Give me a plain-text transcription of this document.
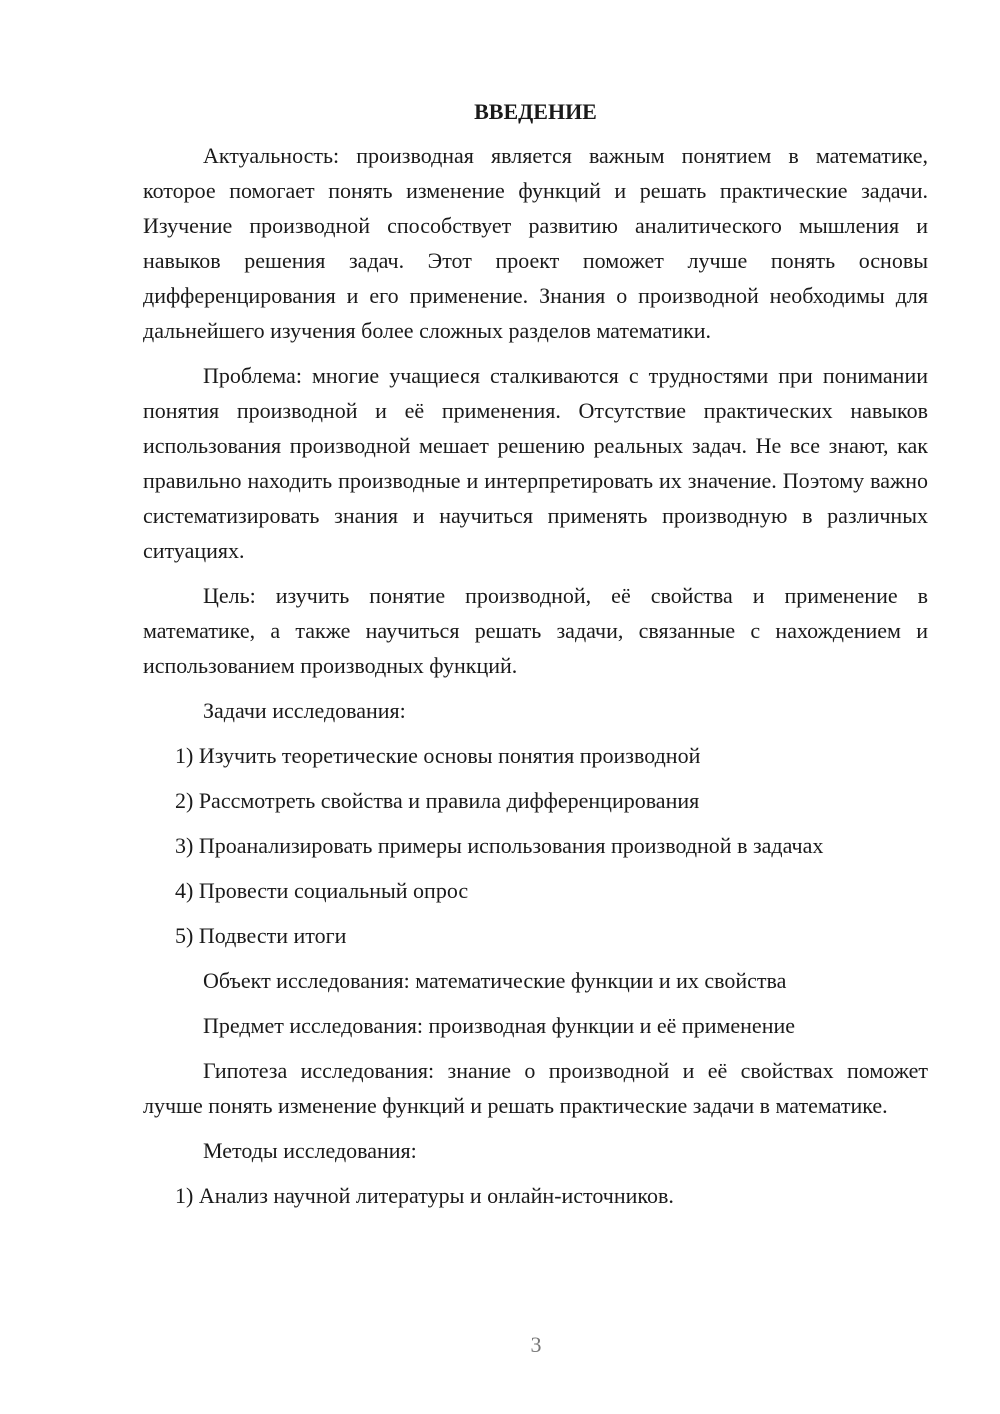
ВВЕДЕНИЕ

Актуальность: производная является важным понятием в математике, которое помогает понять изменение функций и решать практические задачи. Изучение производной способствует развитию аналитического мышления и навыков решения задач. Этот проект поможет лучше понять основы дифференцирования и его применение. Знания о производной необходимы для дальнейшего изучения более сложных разделов математики.

Проблема: многие учащиеся сталкиваются с трудностями при понимании понятия производной и её применения. Отсутствие практических навыков использования производной мешает решению реальных задач. Не все знают, как правильно находить производные и интерпретировать их значение. Поэтому важно систематизировать знания и научиться применять производную в различных ситуациях.

Цель: изучить понятие производной, её свойства и применение в математике, а также научиться решать задачи, связанные с нахождением и использованием производных функций.

Задачи исследования:

1) Изучить теоретические основы понятия производной

2) Рассмотреть свойства и правила дифференцирования

3) Проанализировать примеры использования производной в задачах

4) Провести социальный опрос

5) Подвести итоги

Объект исследования: математические функции и их свойства

Предмет исследования: производная функции и её применение

Гипотеза исследования: знание о производной и её свойствах поможет лучше понять изменение функций и решать практические задачи в математике.

Методы исследования:

1) Анализ научной литературы и онлайн-источников.

3
